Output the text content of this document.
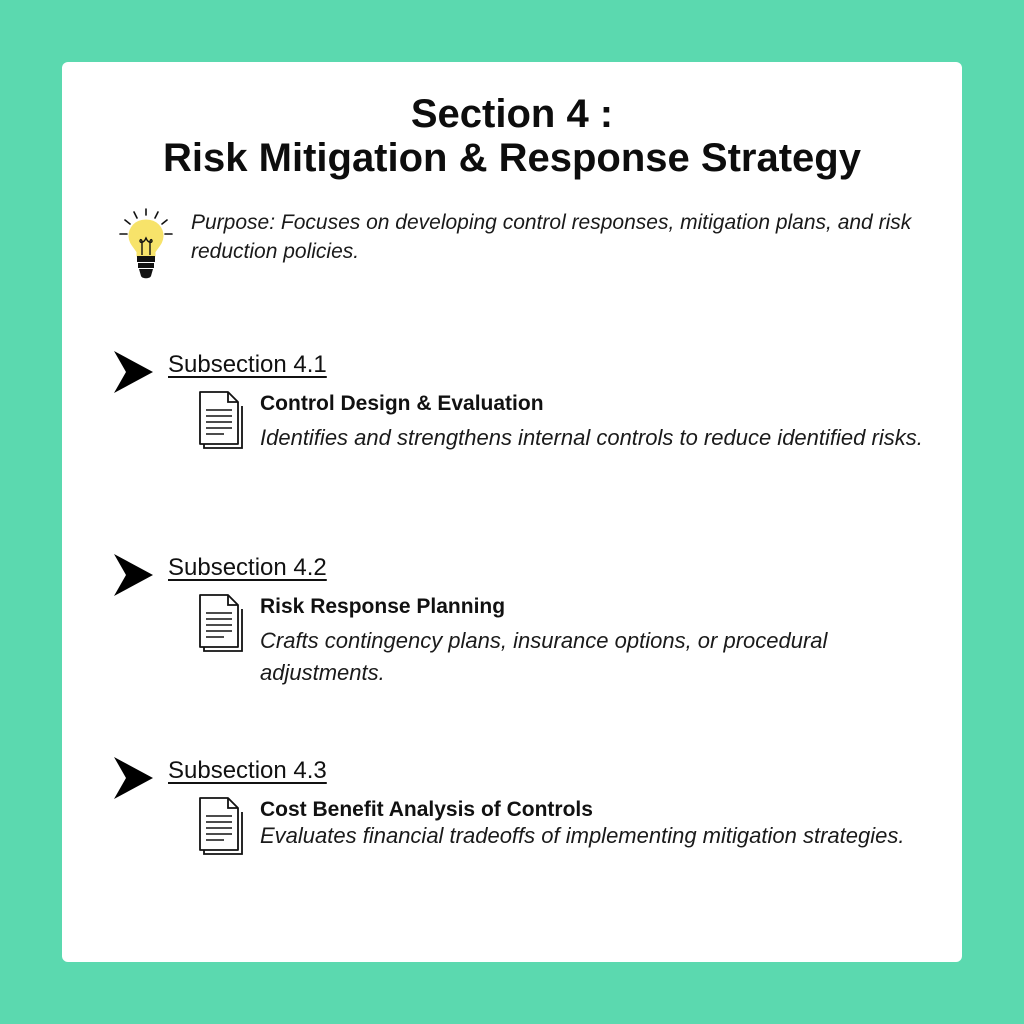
Section 4 :
Risk Mitigation & Response Strategy
Purpose: Focuses on developing control responses, mitigation plans, and risk reduction policies.
Subsection 4.1
Control Design & Evaluation
Identifies and strengthens internal controls to reduce identified risks.
Subsection 4.2
Risk Response Planning
Crafts contingency plans, insurance options, or procedural adjustments.
Subsection 4.3
Cost Benefit Analysis of Controls
Evaluates financial tradeoffs of implementing mitigation strategies.
